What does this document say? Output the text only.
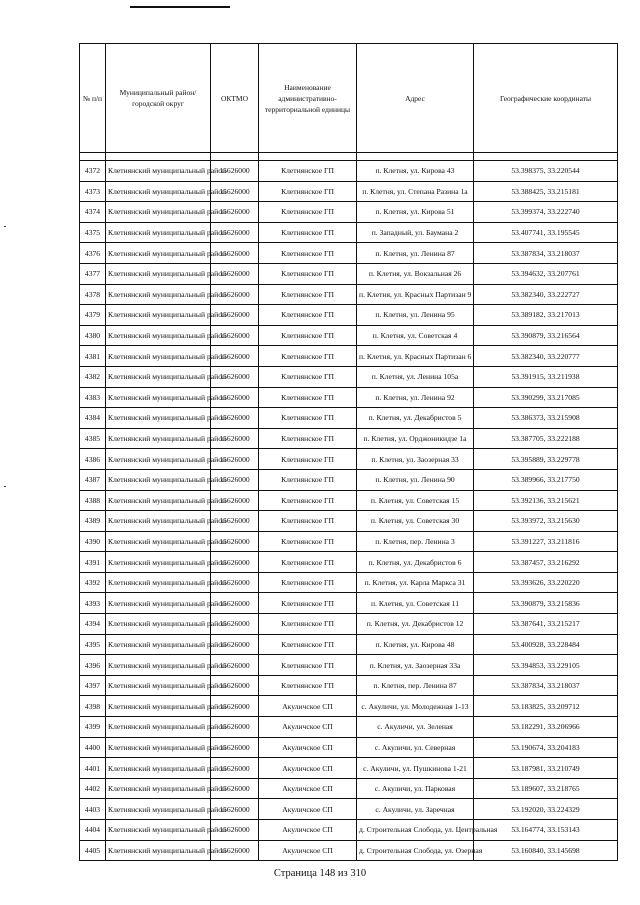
№ п/п	Муниципальный район/городской округ	ОКТМО	Наименование административно-территориальной единицы	Адрес	Географические координаты

4372	Клетнянский муниципальный район	15626000	Клетнянское ГП	п. Клетня, ул. Кирова 43	53.398375, 33.220544
4373	Клетнянский муниципальный район	15626000	Клетнянское ГП	п. Клетня, ул. Степана Разина 1а	53.388425, 33.215181
4374	Клетнянский муниципальный район	15626000	Клетнянское ГП	п. Клетня, ул. Кирова 51	53.399374, 33.222740
4375	Клетнянский муниципальный район	15626000	Клетнянское ГП	п. Западный, ул. Баумана 2	53.407741, 33.195545
4376	Клетнянский муниципальный район	15626000	Клетнянское ГП	п. Клетня, ул. Ленина 87	53.387834, 33.218037
4377	Клетнянский муниципальный район	15626000	Клетнянское ГП	п. Клетня, ул. Вокзальная 26	53.394632, 33.207761
4378	Клетнянский муниципальный район	15626000	Клетнянское ГП	п. Клетня, ул. Красных Партизан 9	53.382340, 33.222727
4379	Клетнянский муниципальный район	15626000	Клетнянское ГП	п. Клетня, ул. Ленина 95	53.389182, 33.217013
4380	Клетнянский муниципальный район	15626000	Клетнянское ГП	п. Клетня, ул. Советская 4	53.390879, 33.216564
4381	Клетнянский муниципальный район	15626000	Клетнянское ГП	п. Клетня, ул. Красных Партизан 6	53.382340, 33.220777
4382	Клетнянский муниципальный район	15626000	Клетнянское ГП	п. Клетня, ул. Ленина 105а	53.391915, 33.211938
4383	Клетнянский муниципальный район	15626000	Клетнянское ГП	п. Клетня, ул. Ленина 92	53.390299, 33.217085
4384	Клетнянский муниципальный район	15626000	Клетнянское ГП	п. Клетня, ул. Декабристов 5	53.386373, 33.215908
4385	Клетнянский муниципальный район	15626000	Клетнянское ГП	п. Клетня, ул. Орджоникидзе 1а	53.387705, 33.222188
4386	Клетнянский муниципальный район	15626000	Клетнянское ГП	п. Клетня, ул. Заозерная 33	53.395889, 33.229778
4387	Клетнянский муниципальный район	15626000	Клетнянское ГП	п. Клетня, ул. Ленина 90	53.389966, 33.217750
4388	Клетнянский муниципальный район	15626000	Клетнянское ГП	п. Клетня, ул. Советская 15	53.392136, 33.215621
4389	Клетнянский муниципальный район	15626000	Клетнянское ГП	п. Клетня, ул. Советская 30	53.393972, 33.215630
4390	Клетнянский муниципальный район	15626000	Клетнянское ГП	п. Клетня, пер. Ленина 3	53.391227, 33.211816
4391	Клетнянский муниципальный район	15626000	Клетнянское ГП	п. Клетня, ул. Декабристов 6	53.387457, 33.216292
4392	Клетнянский муниципальный район	15626000	Клетнянское ГП	п. Клетня, ул. Карла Маркса 31	53.393626, 33.220220
4393	Клетнянский муниципальный район	15626000	Клетнянское ГП	п. Клетня, ул. Советская 11	53.390879, 33.215836
4394	Клетнянский муниципальный район	15626000	Клетнянское ГП	п. Клетня, ул. Декабристов 12	53.387641, 33.215217
4395	Клетнянский муниципальный район	15626000	Клетнянское ГП	п. Клетня, ул. Кирова 48	53.400928, 33.228484
4396	Клетнянский муниципальный район	15626000	Клетнянское ГП	п. Клетня, ул. Заозерная 33а	53.394853, 33.229105
4397	Клетнянский муниципальный район	15626000	Клетнянское ГП	п. Клетня, пер. Ленина 87	53.387834, 33.218037
4398	Клетнянский муниципальный район	15626000	Акуличское СП	с. Акуличи, ул. Молодежная 1-13	53.183825, 33.209712
4399	Клетнянский муниципальный район	15626000	Акуличское СП	с. Акуличи, ул. Зеленая	53.182291, 33.206966
4400	Клетнянский муниципальный район	15626000	Акуличское СП	с. Акуличи, ул. Северная	53.190674, 33.204183
4401	Клетнянский муниципальный район	15626000	Акуличское СП	с. Акуличи, ул. Пушкинова 1-21	53.187981, 33.210749
4402	Клетнянский муниципальный район	15626000	Акуличское СП	с. Акуличи, ул. Парковая	53.189607, 33.218765
4403	Клетнянский муниципальный район	15626000	Акуличское СП	с. Акуличи, ул. Заречная	53.192020, 33.224329
4404	Клетнянский муниципальный район	15626000	Акуличское СП	д. Строительная Слобода, ул. Центральная	53.164774, 33.153143
4405	Клетнянский муниципальный район	15626000	Акуличское СП	д. Строительная Слобода, ул. Озерная	53.160840, 33.145698
Страница 148 из 310
